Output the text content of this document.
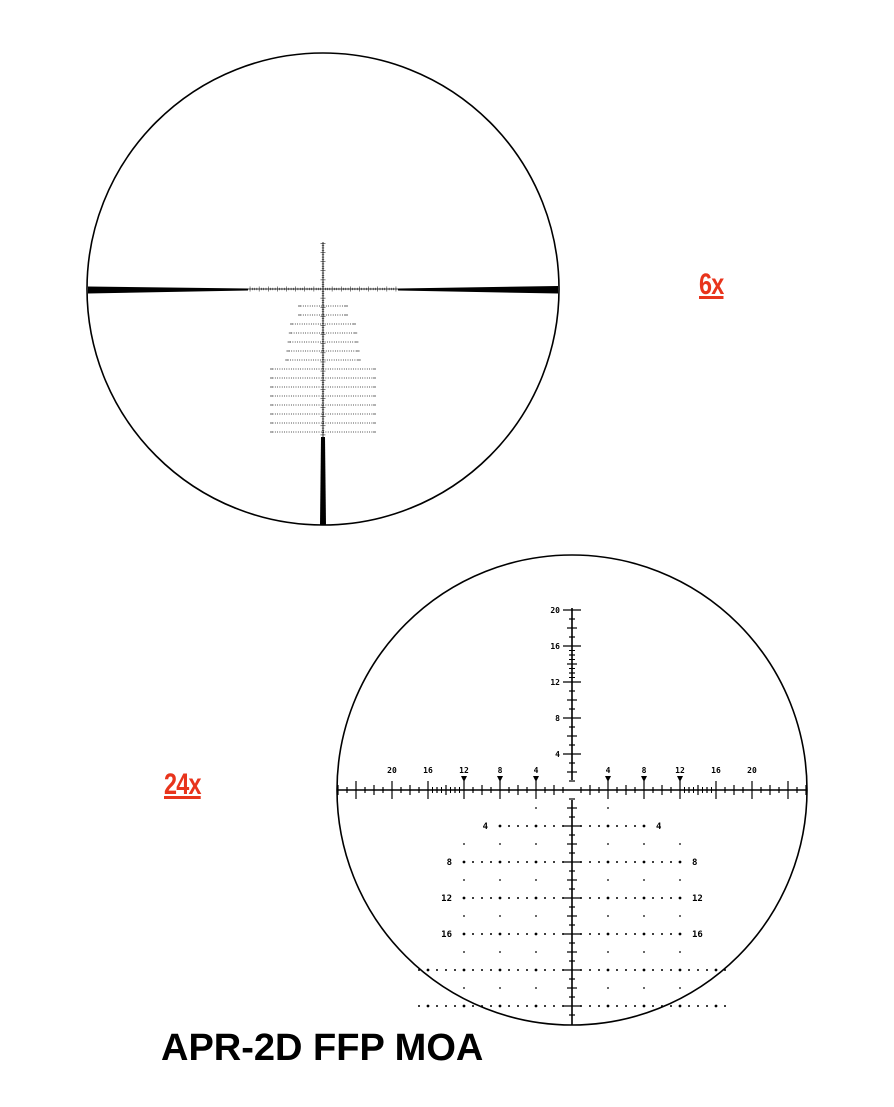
20	16	12	8	4	4	8	12	16	20
4
8
12
16
20
4	4
8	8
12	12
16	16
6x
24x
APR-2D FFP MOA
